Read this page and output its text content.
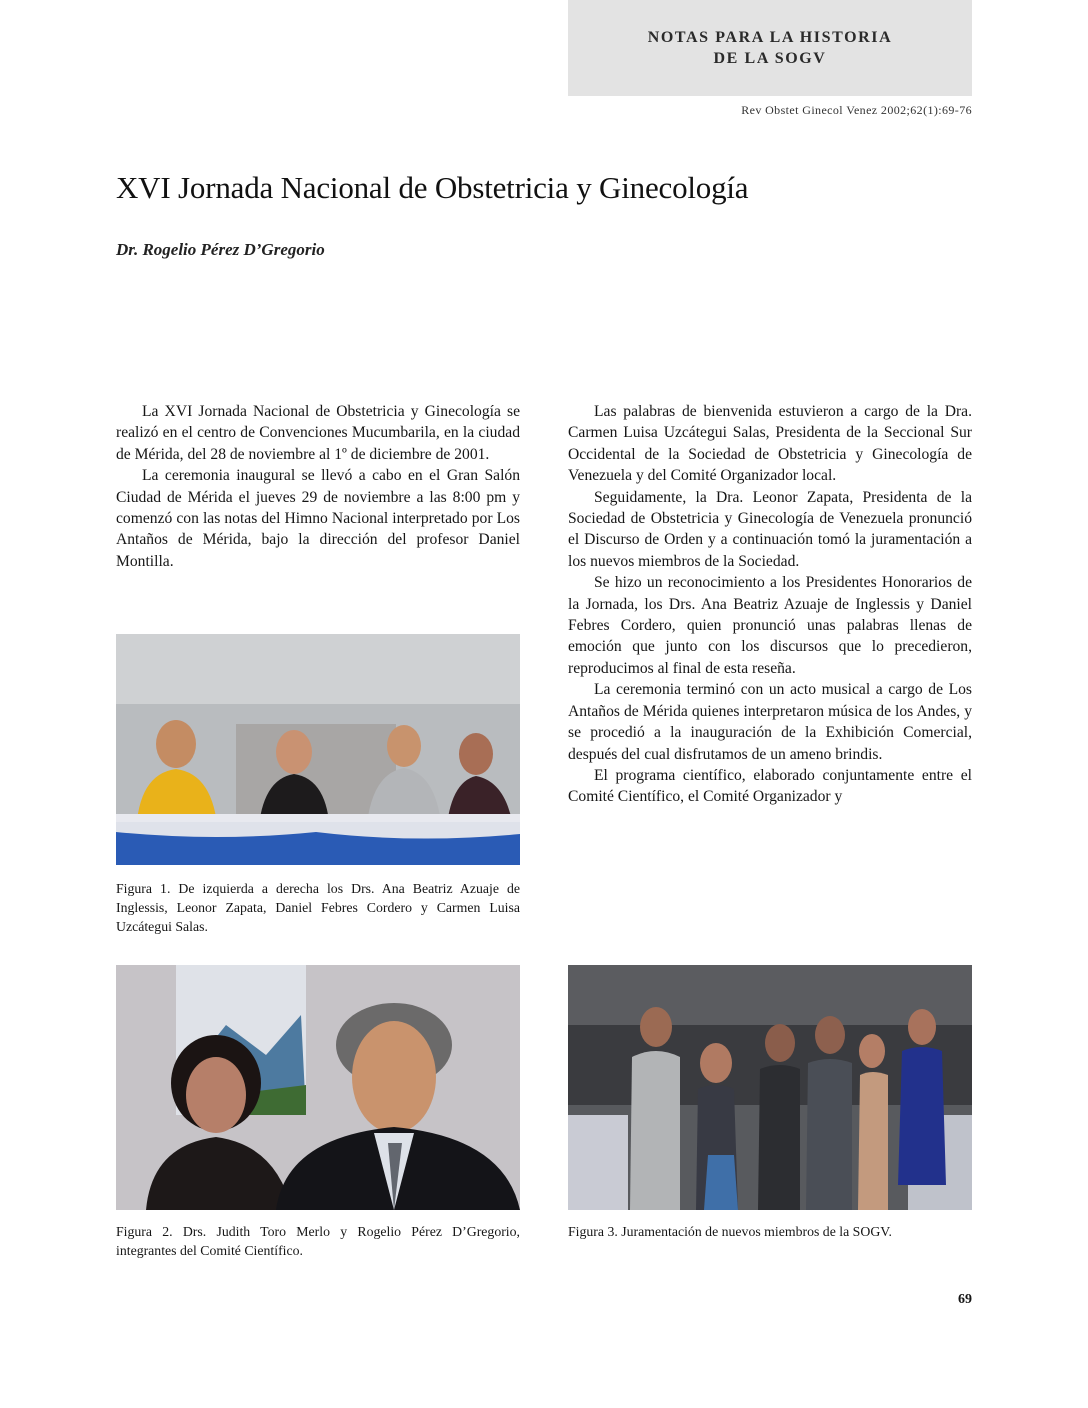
NOTAS PARA LA HISTORIA
DE LA SOGV
Rev Obstet Ginecol Venez 2002;62(1):69-76
XVI Jornada Nacional de Obstetricia y Ginecología
Dr. Rogelio Pérez D’Gregorio

La XVI Jornada Nacional de Obstetricia y Ginecología se realizó en el centro de Convenciones Mucumbarila, en la ciudad de Mérida, del 28 de noviembre al 1º de diciembre de 2001.

La ceremonia inaugural se llevó a cabo en el Gran Salón Ciudad de Mérida el jueves 29 de noviembre a las 8:00 pm y comenzó con las notas del Himno Nacional interpretado por Los Antaños de Mérida, bajo la dirección del profesor Daniel Montilla.

Las palabras de bienvenida estuvieron a cargo de la Dra. Carmen Luisa Uzcátegui Salas, Presidenta de la Seccional Sur Occidental de la Sociedad de Obstetricia y Ginecología de Venezuela y del Comité Organizador local.

Seguidamente, la Dra. Leonor Zapata, Presidenta de la Sociedad de Obstetricia y Ginecología de Venezuela pronunció el Discurso de Orden y a continuación tomó la juramentación a los nuevos miembros de la Sociedad.

Se hizo un reconocimiento a los Presidentes Honorarios de la Jornada, los Drs. Ana Beatriz Azuaje de Inglessis y Daniel Febres Cordero, quien pronunció unas palabras llenas de emoción que junto con los discursos que lo precedieron, reproducimos al final de esta reseña.

La ceremonia terminó con un acto musical a cargo de Los Antaños de Mérida quienes interpretaron música de los Andes, y se procedió a la inauguración de la Exhibición Comercial, después del cual disfrutamos de un ameno brindis.

El programa científico, elaborado conjuntamente entre el Comité Científico, el Comité Organizador y

Figura 1. De izquierda a derecha los Drs. Ana Beatriz Azuaje de Inglessis, Leonor Zapata, Daniel Febres Cordero y Carmen Luisa Uzcátegui Salas.

Figura 2. Drs. Judith Toro Merlo y Rogelio Pérez D’Gregorio, integrantes del Comité Científico.

Figura 3. Juramentación de nuevos miembros de la SOGV.

69
